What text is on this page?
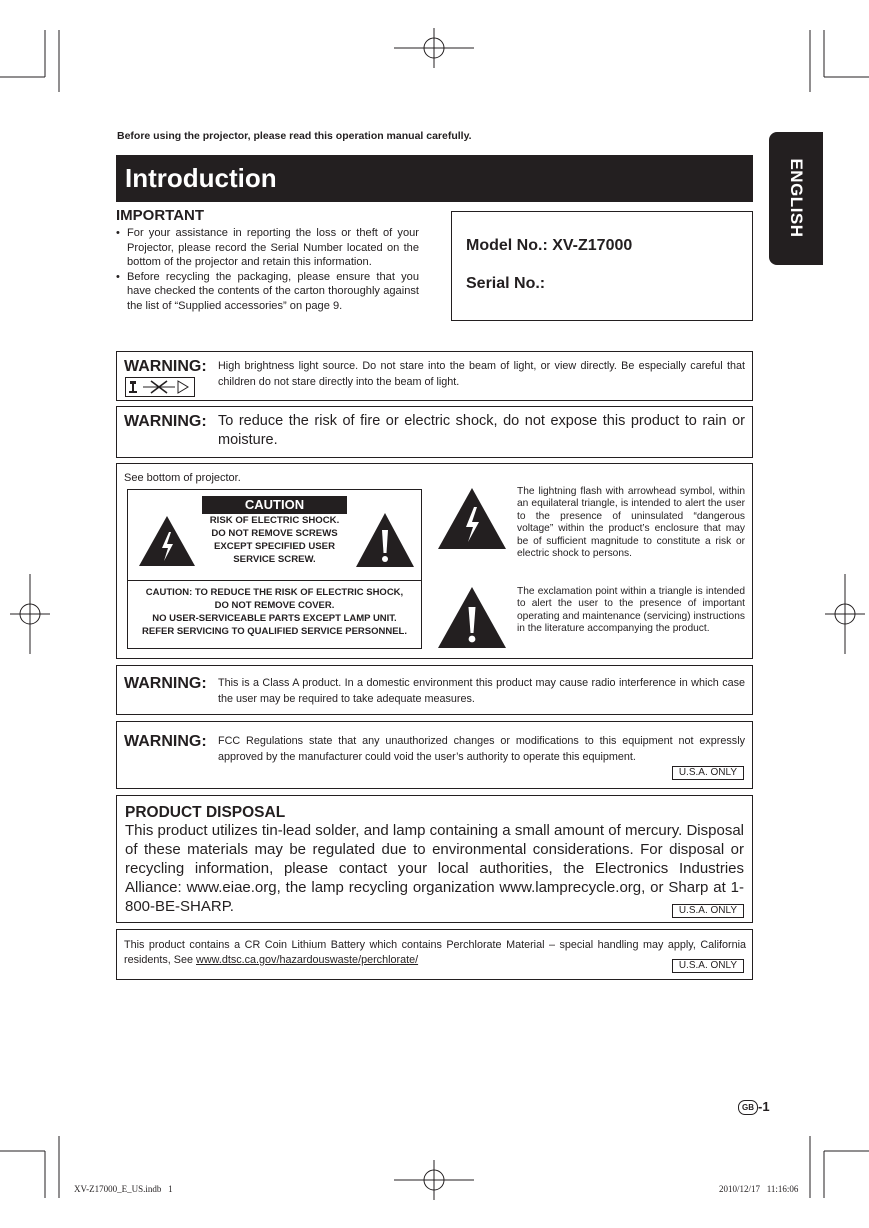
Before using the projector, please read this operation manual carefully.
Introduction	ENGLISH
IMPORTANT
• For your assistance in reporting the loss or theft of your Projector, please record the Serial Number located on the bottom of the projector and retain this information.
• Before recycling the packaging, please ensure that you have checked the contents of the carton thoroughly against the list of “Supplied accessories” on page 9.
Model No.: XV-Z17000
Serial No.:
WARNING: High brightness light source. Do not stare into the beam of light, or view directly. Be especially careful that children do not stare directly into the beam of light.
WARNING: To reduce the risk of fire or electric shock, do not expose this product to rain or moisture.
See bottom of projector.
CAUTION
RISK OF ELECTRIC SHOCK.
DO NOT REMOVE SCREWS
EXCEPT SPECIFIED USER
SERVICE SCREW.
CAUTION: TO REDUCE THE RISK OF ELECTRIC SHOCK,
DO NOT REMOVE COVER.
NO USER-SERVICEABLE PARTS EXCEPT LAMP UNIT.
REFER SERVICING TO QUALIFIED SERVICE PERSONNEL.
The lightning flash with arrowhead symbol, within an equilateral triangle, is intended to alert the user to the presence of uninsulated “dangerous voltage” within the product’s enclosure that may be of sufficient magnitude to constitute a risk or electric shock to persons.
The exclamation point within a triangle is intended to alert the user to the presence of important operating and maintenance (servicing) instructions in the literature accompanying the product.
WARNING: This is a Class A product. In a domestic environment this product may cause radio interference in which case the user may be required to take adequate measures.
WARNING: FCC Regulations state that any unauthorized changes or modifications to this equipment not expressly approved by the manufacturer could void the user’s authority to operate this equipment.
U.S.A. ONLY
PRODUCT DISPOSAL
This product utilizes tin-lead solder, and lamp containing a small amount of mercury. Disposal of these materials may be regulated due to environmental considerations. For disposal or recycling information, please contact your local authorities, the Electronics Industries Alliance: www.eiae.org, the lamp recycling organization www.lamprecycle.org, or Sharp at 1-800-BE-SHARP.	U.S.A. ONLY
This product contains a CR Coin Lithium Battery which contains Perchlorate Material – special handling may apply, California residents, See www.dtsc.ca.gov/hazardouswaste/perchlorate/	U.S.A. ONLY
GB -1
XV-Z17000_E_US.indb   1	2010/12/17   11:16:06
